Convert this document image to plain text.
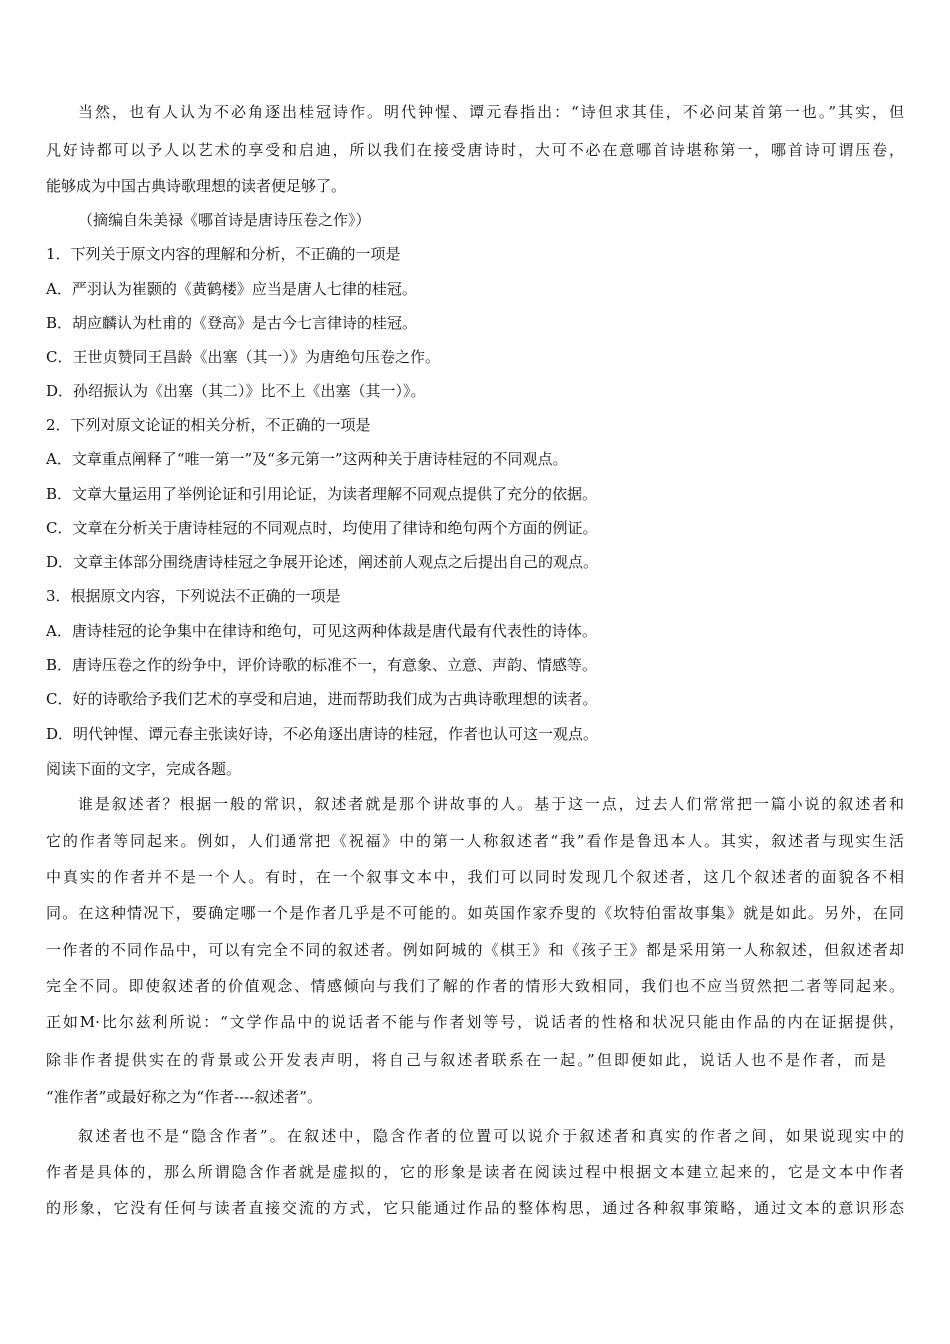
当然，也有人认为不必角逐出桂冠诗作。明代钟惺、谭元春指出：“诗但求其佳，不必问某首第一也。”其实，但
凡好诗都可以予人以艺术的享受和启迪，所以我们在接受唐诗时，大可不必在意哪首诗堪称第一，哪首诗可谓压卷，
能够成为中国古典诗歌理想的读者便足够了。
（摘编自朱美禄《哪首诗是唐诗压卷之作》）
1．下列关于原文内容的理解和分析，不正确的一项是
A．严羽认为崔颢的《黄鹤楼》应当是唐人七律的桂冠。
B．胡应麟认为杜甫的《登高》是古今七言律诗的桂冠。
C．王世贞赞同王昌龄《出塞（其一）》为唐绝句压卷之作。
D．孙绍振认为《出塞（其二）》比不上《出塞（其一）》。
2．下列对原文论证的相关分析，不正确的一项是
A．文章重点阐释了“唯一第一”及“多元第一”这两种关于唐诗桂冠的不同观点。
B．文章大量运用了举例论证和引用论证，为读者理解不同观点提供了充分的依据。
C．文章在分析关于唐诗桂冠的不同观点时，均使用了律诗和绝句两个方面的例证。
D．文章主体部分围绕唐诗桂冠之争展开论述，阐述前人观点之后提出自己的观点。
3．根据原文内容，下列说法不正确的一项是
A．唐诗桂冠的论争集中在律诗和绝句，可见这两种体裁是唐代最有代表性的诗体。
B．唐诗压卷之作的纷争中，评价诗歌的标准不一，有意象、立意、声韵、情感等。
C．好的诗歌给予我们艺术的享受和启迪，进而帮助我们成为古典诗歌理想的读者。
D．明代钟惺、谭元春主张读好诗，不必角逐出唐诗的桂冠，作者也认可这一观点。
阅读下面的文字，完成各题。
谁是叙述者？根据一般的常识，叙述者就是那个讲故事的人。基于这一点，过去人们常常把一篇小说的叙述者和
它的作者等同起来。例如，人们通常把《祝福》中的第一人称叙述者“我”看作是鲁迅本人。其实，叙述者与现实生活
中真实的作者并不是一个人。有时，在一个叙事文本中，我们可以同时发现几个叙述者，这几个叙述者的面貌各不相
同。在这种情况下，要确定哪一个是作者几乎是不可能的。如英国作家乔叟的《坎特伯雷故事集》就是如此。另外，在同
一作者的不同作品中，可以有完全不同的叙述者。例如阿城的《棋王》和《孩子王》都是采用第一人称叙述，但叙述者却
完全不同。即使叙述者的价值观念、情感倾向与我们了解的作者的情形大致相同，我们也不应当贸然把二者等同起来。
正如M·比尔兹利所说：“文学作品中的说话者不能与作者划等号，说话者的性格和状况只能由作品的内在证据提供，
除非作者提供实在的背景或公开发表声明，将自己与叙述者联系在一起。”但即便如此，说话人也不是作者，而是
“准作者”或最好称之为“作者----叙述者”。
叙述者也不是“隐含作者”。在叙述中，隐含作者的位置可以说介于叙述者和真实的作者之间，如果说现实中的
作者是具体的，那么所谓隐含作者就是虚拟的，它的形象是读者在阅读过程中根据文本建立起来的，它是文本中作者
的形象，它没有任何与读者直接交流的方式，它只能通过作品的整体构思，通过各种叙事策略，通过文本的意识形态
